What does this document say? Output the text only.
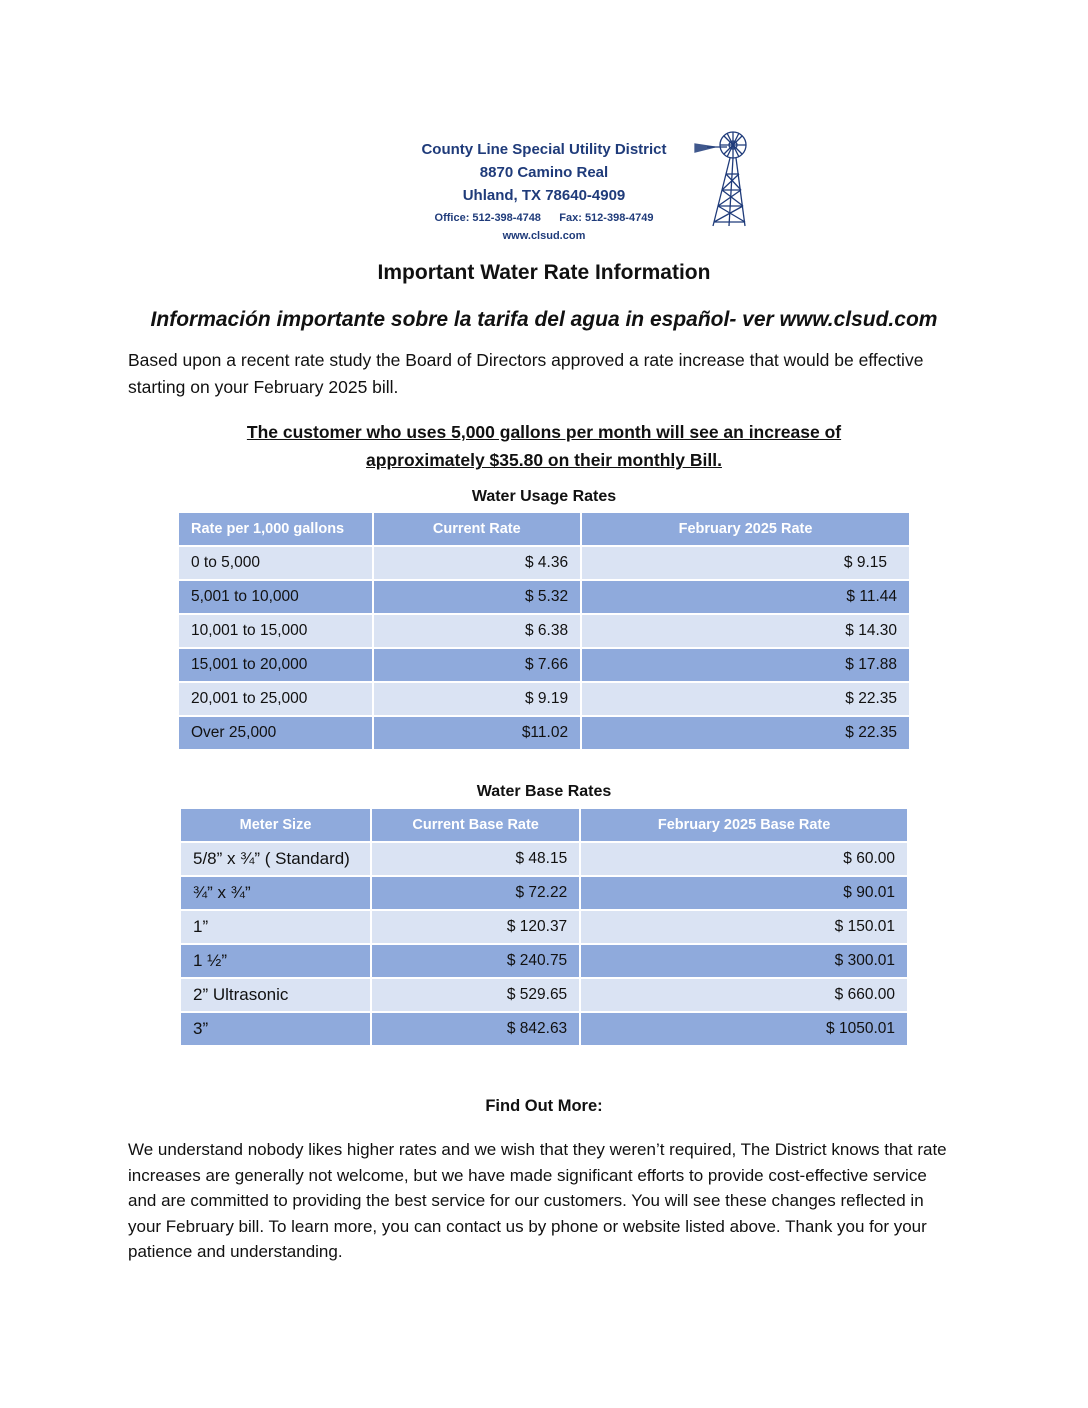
County Line Special Utility District
8870 Camino Real
Uhland, TX 78640-4909
Office: 512-398-4748      Fax: 512-398-4749
www.clsud.com
Important Water Rate Information
Información importante sobre la tarifa del agua in español- ver www.clsud.com
Based upon a recent rate study the Board of Directors approved a rate increase that would be effective starting on your February 2025 bill.
The customer who uses 5,000 gallons per month will see an increase of
approximately $35.80 on their monthly Bill.
Water Usage Rates
Rate per 1,000 gallons	Current Rate	February 2025 Rate
0 to 5,000	$ 4.36	$ 9.15
5,001 to 10,000	$ 5.32	$ 11.44
10,001 to 15,000	$ 6.38	$ 14.30
15,001 to 20,000	$ 7.66	$ 17.88
20,001 to 25,000	$ 9.19	$ 22.35
Over 25,000	$11.02	$ 22.35
Water Base Rates
Meter Size	Current Base Rate	February 2025 Base Rate
5/8” x ¾” ( Standard)	$ 48.15	$ 60.00
¾” x ¾”	$ 72.22	$ 90.01
1”	$ 120.37	$ 150.01
1 ½”	$ 240.75	$ 300.01
2” Ultrasonic	$ 529.65	$ 660.00
3”	$ 842.63	$ 1050.01
Find Out More:
We understand nobody likes higher rates and we wish that they weren’t required, The District knows that rate increases are generally not welcome, but we have made significant efforts to provide cost-effective service and are committed to providing the best service for our customers. You will see these changes reflected in your February bill. To learn more, you can contact us by phone or website listed above. Thank you for your patience and understanding.
